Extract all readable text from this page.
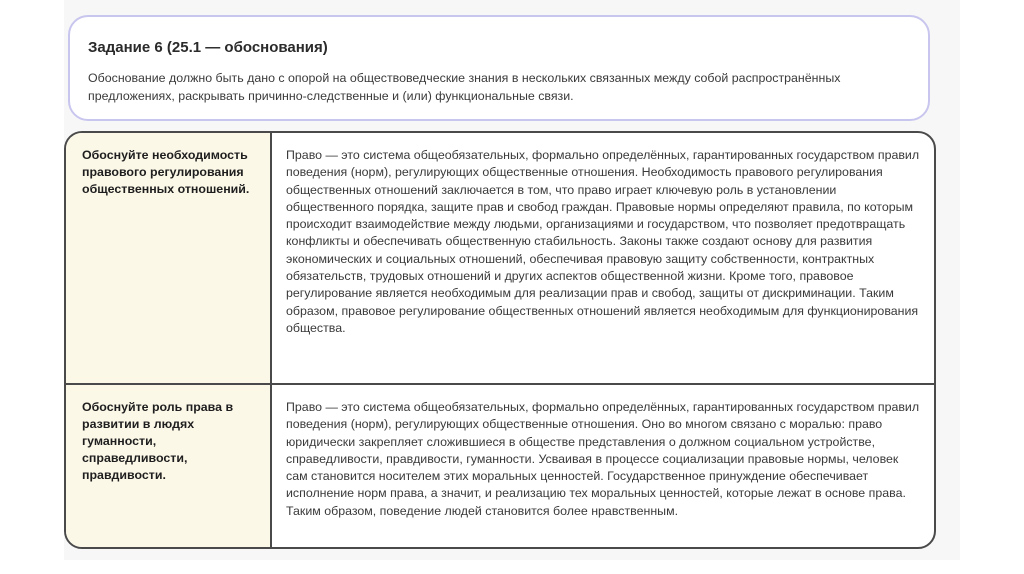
Задание 6 (25.1 — обоснования)
Обоснование должно быть дано с опорой на обществоведческие знания в нескольких связанных между собой распространённых предложениях, раскрывать причинно-следственные и (или) функциональные связи.
Обоснуйте необходимость правового регулирования общественных отношений.
Право — это система общеобязательных, формально определённых, гарантированных государством правил поведения (норм), регулирующих общественные отношения. Необходимость правового регулирования общественных отношений заключается в том, что право играет ключевую роль в установлении общественного порядка, защите прав и свобод граждан. Правовые нормы определяют правила, по которым происходит взаимодействие между людьми, организациями и государством, что позволяет предотвращать конфликты и обеспечивать общественную стабильность. Законы также создают основу для развития экономических и социальных отношений, обеспечивая правовую защиту собственности, контрактных обязательств, трудовых отношений и других аспектов общественной жизни. Кроме того, правовое регулирование является необходимым для реализации прав и свобод, защиты от дискриминации. Таким образом, правовое регулирование общественных отношений является необходимым для функционирования общества.
Обоснуйте роль права в развитии в людях гуманности, справедливости, правдивости.
Право — это система общеобязательных, формально определённых, гарантированных государством правил поведения (норм), регулирующих общественные отношения. Оно во многом связано с моралью: право юридически закрепляет сложившиеся в обществе представления о должном социальном устройстве, справедливости, правдивости, гуманности. Усваивая в процессе социализации правовые нормы, человек сам становится носителем этих моральных ценностей. Государственное принуждение обеспечивает исполнение норм права, а значит, и реализацию тех моральных ценностей, которые лежат в основе права. Таким образом, поведение людей становится более нравственным.
